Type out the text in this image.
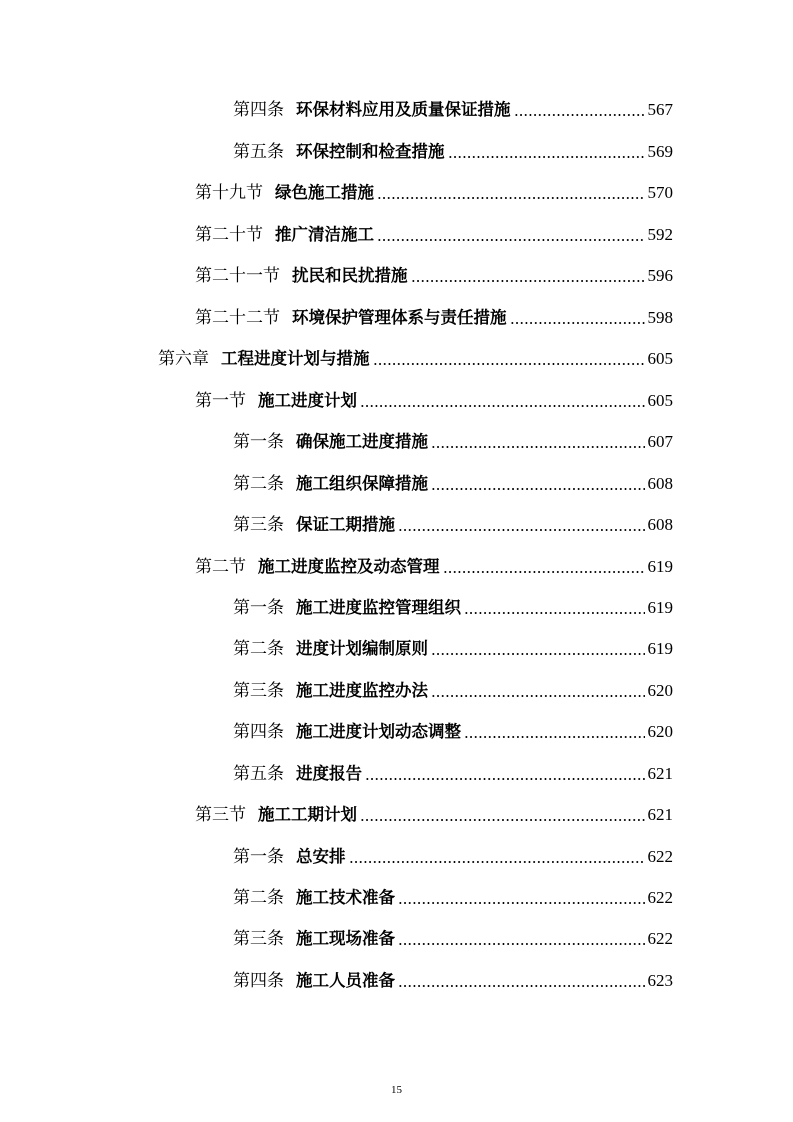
第四条 环保材料应用及质量保证措施	567
第五条 环保控制和检查措施	569
第十九节 绿色施工措施	570
第二十节 推广清洁施工	592
第二十一节 扰民和民扰措施	596
第二十二节 环境保护管理体系与责任措施	598
第六章 工程进度计划与措施	605
第一节 施工进度计划	605
第一条 确保施工进度措施	607
第二条 施工组织保障措施	608
第三条 保证工期措施	608
第二节 施工进度监控及动态管理	619
第一条 施工进度监控管理组织	619
第二条 进度计划编制原则	619
第三条 施工进度监控办法	620
第四条 施工进度计划动态调整	620
第五条 进度报告	621
第三节 施工工期计划	621
第一条 总安排	622
第二条 施工技术准备	622
第三条 施工现场准备	622
第四条 施工人员准备	623
15
